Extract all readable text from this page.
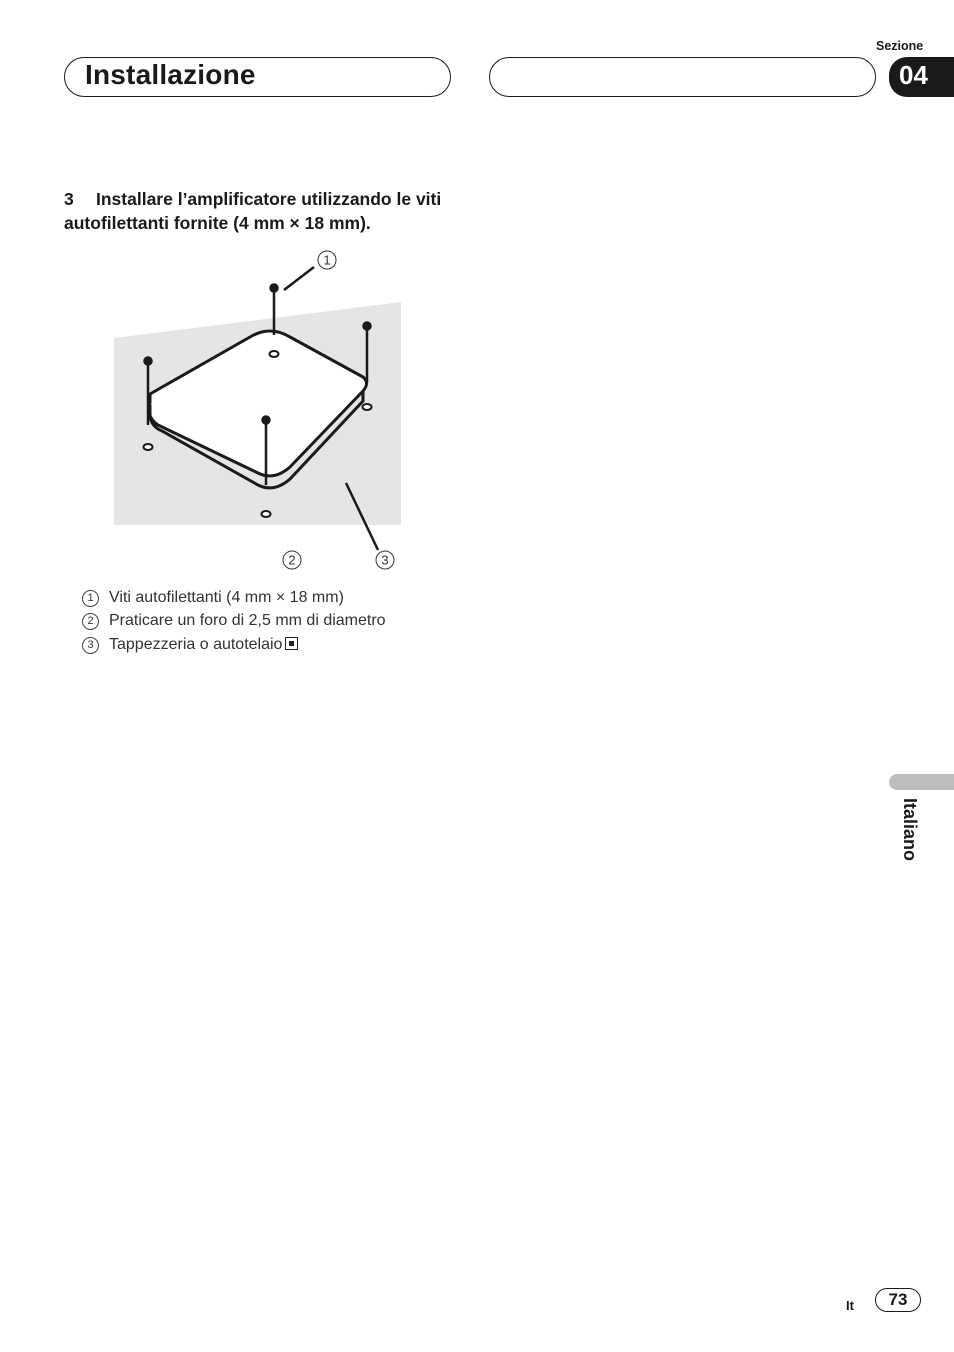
Installazione
Sezione
04
3 Installare l’amplificatore utilizzando le viti autofilettanti fornite (4 mm × 18 mm).
1
2	3
1 Viti autofilettanti (4 mm × 18 mm)
2 Praticare un foro di 2,5 mm di diametro
3 Tappezzeria o autotelaio
Italiano
It	73
